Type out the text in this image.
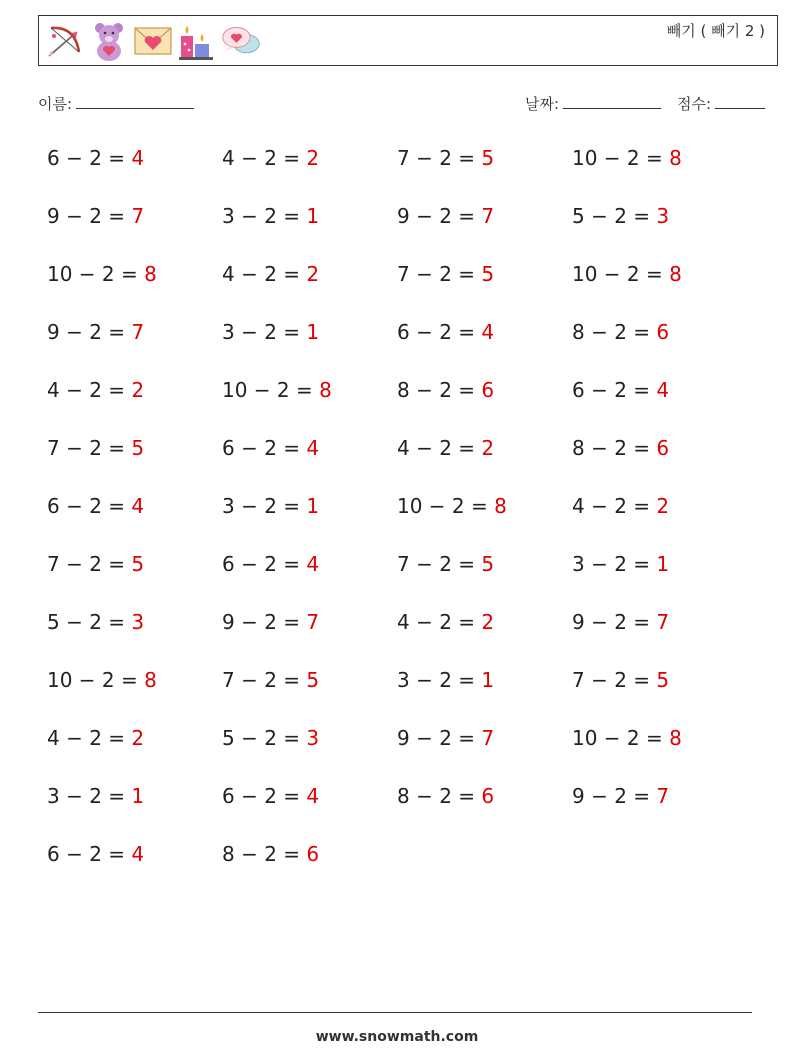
빼기 ( 빼기 2 )
이름:	날짜:	점수:
6 − 2 = 4	4 − 2 = 2	7 − 2 = 5	10 − 2 = 8
9 − 2 = 7	3 − 2 = 1	9 − 2 = 7	5 − 2 = 3
10 − 2 = 8	4 − 2 = 2	7 − 2 = 5	10 − 2 = 8
9 − 2 = 7	3 − 2 = 1	6 − 2 = 4	8 − 2 = 6
4 − 2 = 2	10 − 2 = 8	8 − 2 = 6	6 − 2 = 4
7 − 2 = 5	6 − 2 = 4	4 − 2 = 2	8 − 2 = 6
6 − 2 = 4	3 − 2 = 1	10 − 2 = 8	4 − 2 = 2
7 − 2 = 5	6 − 2 = 4	7 − 2 = 5	3 − 2 = 1
5 − 2 = 3	9 − 2 = 7	4 − 2 = 2	9 − 2 = 7
10 − 2 = 8	7 − 2 = 5	3 − 2 = 1	7 − 2 = 5
4 − 2 = 2	5 − 2 = 3	9 − 2 = 7	10 − 2 = 8
3 − 2 = 1	6 − 2 = 4	8 − 2 = 6	9 − 2 = 7
6 − 2 = 4	8 − 2 = 6
www.snowmath.com
